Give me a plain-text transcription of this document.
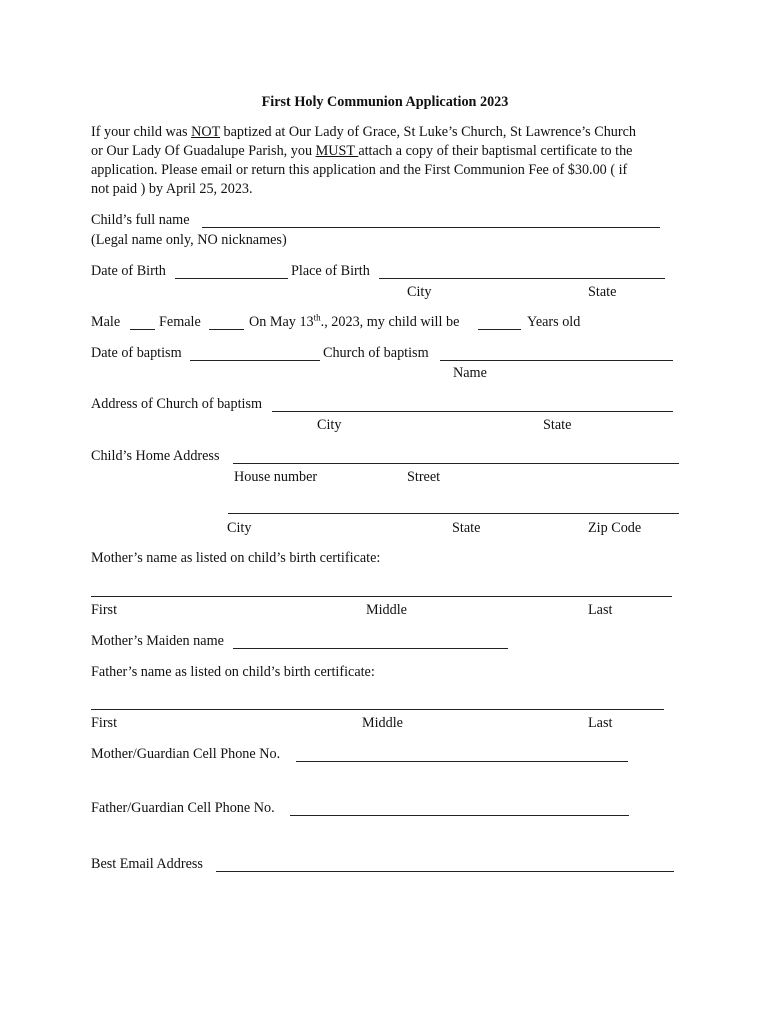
First Holy Communion Application 2023
If your child was NOT baptized at Our Lady of Grace, St Luke’s Church, St Lawrence’s Church
or Our Lady Of Guadalupe Parish, you MUST attach a copy of their baptismal certificate to the
application. Please email or return this application and the First Communion Fee of $30.00 ( if
not paid ) by April 25, 2023.
Child’s full name
(Legal name only, NO nicknames)
Date of Birth	Place of Birth
City	State
Male	Female	On May 13th., 2023, my child will be	Years old
Date of baptism	Church of baptism
Name
Address of Church of baptism
City	State
Child’s Home Address
House number	Street
City	State	Zip Code
Mother’s name as listed on child’s birth certificate:
First	Middle	Last
Mother’s Maiden name
Father’s name as listed on child’s birth certificate:
First	Middle	Last
Mother/Guardian Cell Phone No.
Father/Guardian Cell Phone No.
Best Email Address
